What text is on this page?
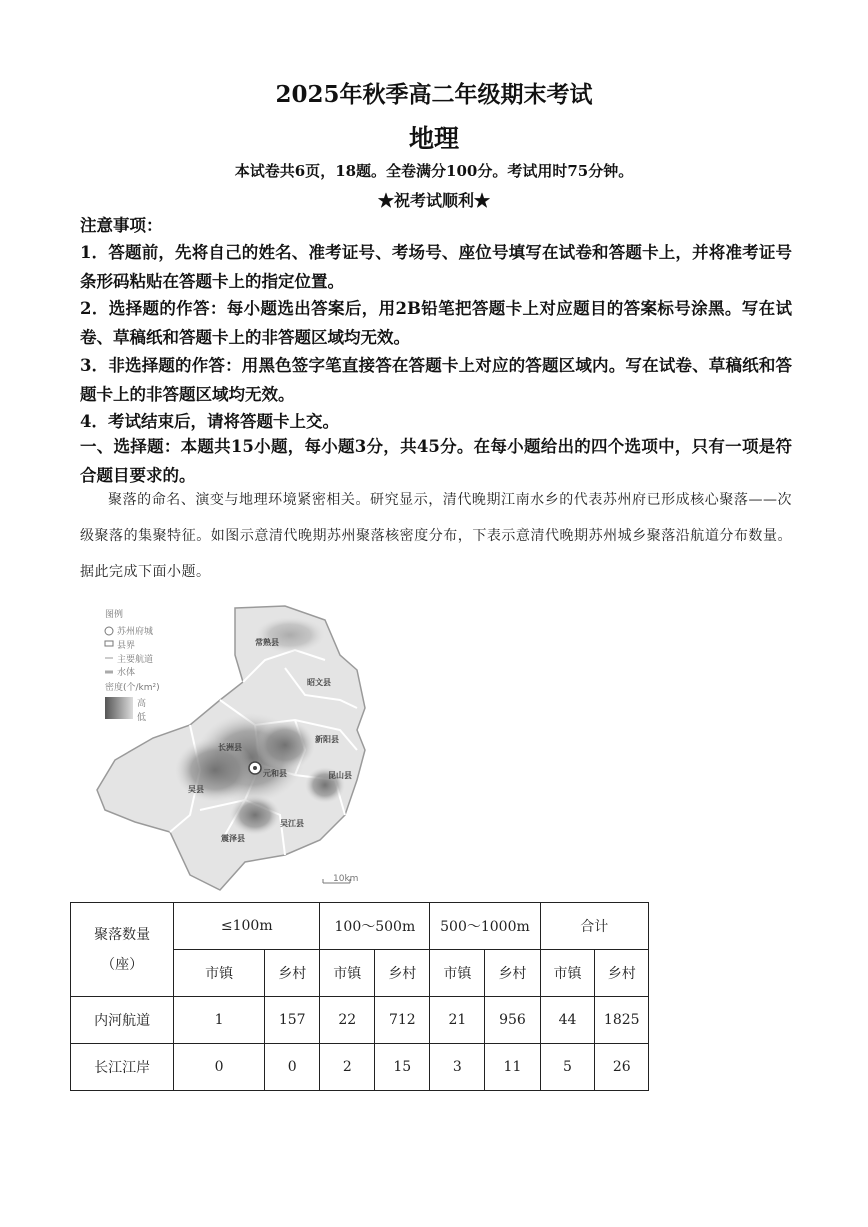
2025年秋季高二年级期末考试
地理
本试卷共6页，18题。全卷满分100分。考试用时75分钟。
★祝考试顺利★
注意事项：
1．答题前，先将自己的姓名、准考证号、考场号、座位号填写在试卷和答题卡上，并将准考证号条形码粘贴在答题卡上的指定位置。
2．选择题的作答：每小题选出答案后，用2B铅笔把答题卡上对应题目的答案标号涂黑。写在试卷、草稿纸和答题卡上的非答题区域均无效。
3．非选择题的作答：用黑色签字笔直接答在答题卡上对应的答题区域内。写在试卷、草稿纸和答题卡上的非答题区域均无效。
4．考试结束后，请将答题卡上交。
一、选择题：本题共15小题，每小题3分，共45分。在每小题给出的四个选项中，只有一项是符合题目要求的。
聚落的命名、演变与地理环境紧密相关。研究显示，清代晚期江南水乡的代表苏州府已形成核心聚落——次级聚落的集聚特征。如图示意清代晚期苏州聚落核密度分布，下表示意清代晚期苏州城乡聚落沿航道分布数量。据此完成下面小题。
常熟县
昭文县
新阳县
长洲县
元和县	昆山县
吴县
吴江县
震泽县
图例
苏州府城
县界
主要航道
水体
密度(个/km²)
高
低
10km
聚落数量
（座）	≤100m		100～500m		500～1000m		合计	
	市镇	乡村	市镇	乡村	市镇	乡村	市镇	乡村
内河航道	1	157	22	712	21	956	44	1825
长江江岸	0	0	2	15	3	11	5	26
